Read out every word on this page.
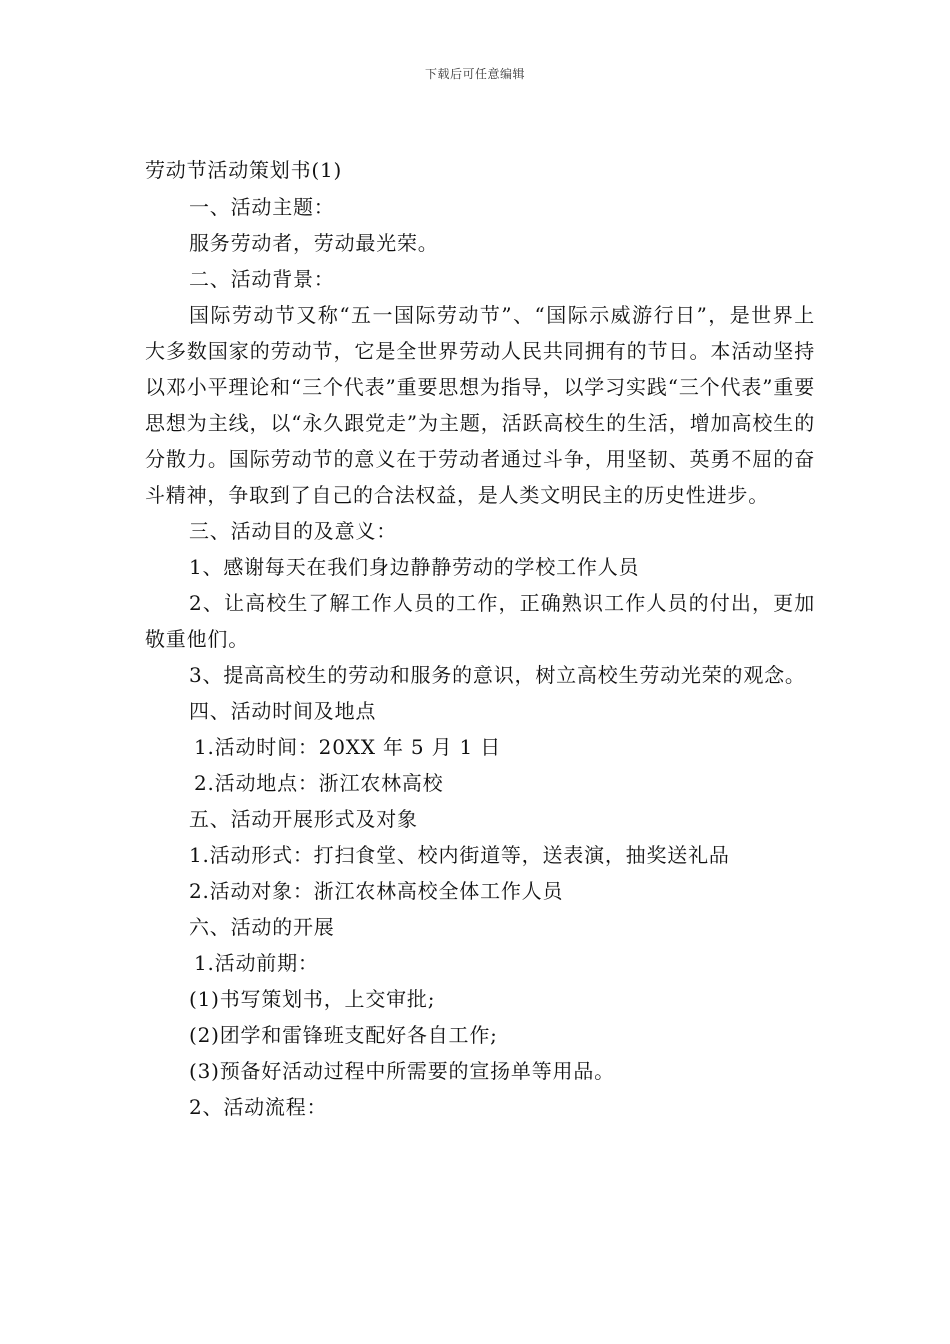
下载后可任意编辑
劳动节活动策划书(1)
一、活动主题：
服务劳动者，劳动最光荣。
二、活动背景：
国际劳动节又称“五一国际劳动节”、“国际示威游行日”，是世界上大多数国家的劳动节，它是全世界劳动人民共同拥有的节日。本活动坚持以邓小平理论和“三个代表”重要思想为指导，以学习实践“三个代表”重要思想为主线，以“永久跟党走”为主题，活跃高校生的生活，增加高校生的分散力。国际劳动节的意义在于劳动者通过斗争，用坚韧、英勇不屈的奋斗精神，争取到了自己的合法权益，是人类文明民主的历史性进步。
三、活动目的及意义：
1、感谢每天在我们身边静静劳动的学校工作人员
2、让高校生了解工作人员的工作，正确熟识工作人员的付出，更加敬重他们。
3、提高高校生的劳动和服务的意识，树立高校生劳动光荣的观念。
四、活动时间及地点
1.活动时间：20XX 年 5 月 1 日
2.活动地点：浙江农林高校
五、活动开展形式及对象
1.活动形式：打扫食堂、校内街道等，送表演，抽奖送礼品
2.活动对象：浙江农林高校全体工作人员
六、活动的开展
1.活动前期：
(1)书写策划书，上交审批;
(2)团学和雷锋班支配好各自工作;
(3)预备好活动过程中所需要的宣扬单等用品。
2、活动流程：
